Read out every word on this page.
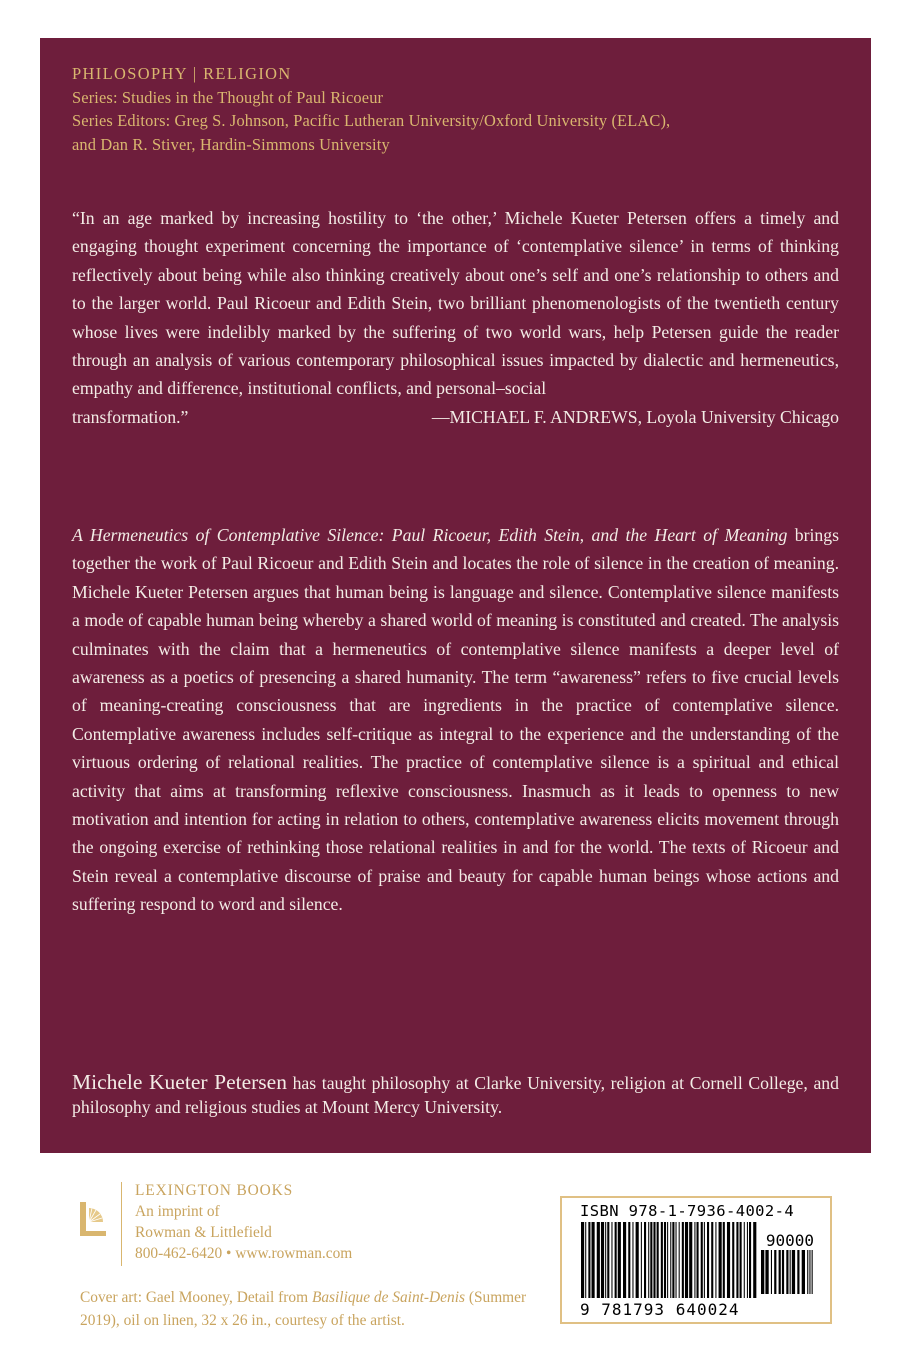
PHILOSOPHY | RELIGION
Series: Studies in the Thought of Paul Ricoeur
Series Editors: Greg S. Johnson, Pacific Lutheran University/Oxford University (ELAC),
and Dan R. Stiver, Hardin-Simmons University
“In an age marked by increasing hostility to ‘the other,’ Michele Kueter Petersen offers a timely and engaging thought experiment concerning the importance of ‘contemplative silence’ in terms of thinking reflectively about being while also thinking creatively about one’s self and one’s relationship to others and to the larger world. Paul Ricoeur and Edith Stein, two brilliant phenomenologists of the twentieth century whose lives were indelibly marked by the suffering of two world wars, help Petersen guide the reader through an analysis of various contemporary philosophical issues impacted by dialectic and hermeneutics, empathy and difference, institutional conflicts, and personal–social
transformation.”	—MICHAEL F. ANDREWS, Loyola University Chicago
A Hermeneutics of Contemplative Silence: Paul Ricoeur, Edith Stein, and the Heart of Meaning brings together the work of Paul Ricoeur and Edith Stein and locates the role of silence in the creation of meaning. Michele Kueter Petersen argues that human being is language and silence. Contemplative silence manifests a mode of capable human being whereby a shared world of meaning is constituted and created. The analysis culminates with the claim that a hermeneutics of contemplative silence manifests a deeper level of awareness as a poetics of presencing a shared humanity. The term “awareness” refers to five crucial levels of meaning-creating consciousness that are ingredients in the practice of contemplative silence. Contemplative awareness includes self-critique as integral to the experience and the understanding of the virtuous ordering of relational realities. The practice of contemplative silence is a spiritual and ethical activity that aims at transforming reflexive consciousness. Inasmuch as it leads to openness to new motivation and intention for acting in relation to others, contemplative awareness elicits movement through the ongoing exercise of rethinking those relational realities in and for the world. The texts of Ricoeur and Stein reveal a contemplative discourse of praise and beauty for capable human beings whose actions and suffering respond to word and silence.
Michele Kueter Petersen has taught philosophy at Clarke University, religion at Cornell College, and philosophy and religious studies at Mount Mercy University.
LEXINGTON BOOKS
An imprint of
Rowman & Littlefield
800-462-6420 • www.rowman.com
Cover art: Gael Mooney, Detail from Basilique de Saint-Denis (Summer 2019), oil on linen, 32 x 26 in., courtesy of the artist.
ISBN 978-1-7936-4002-4
90000
9 781793 640024
